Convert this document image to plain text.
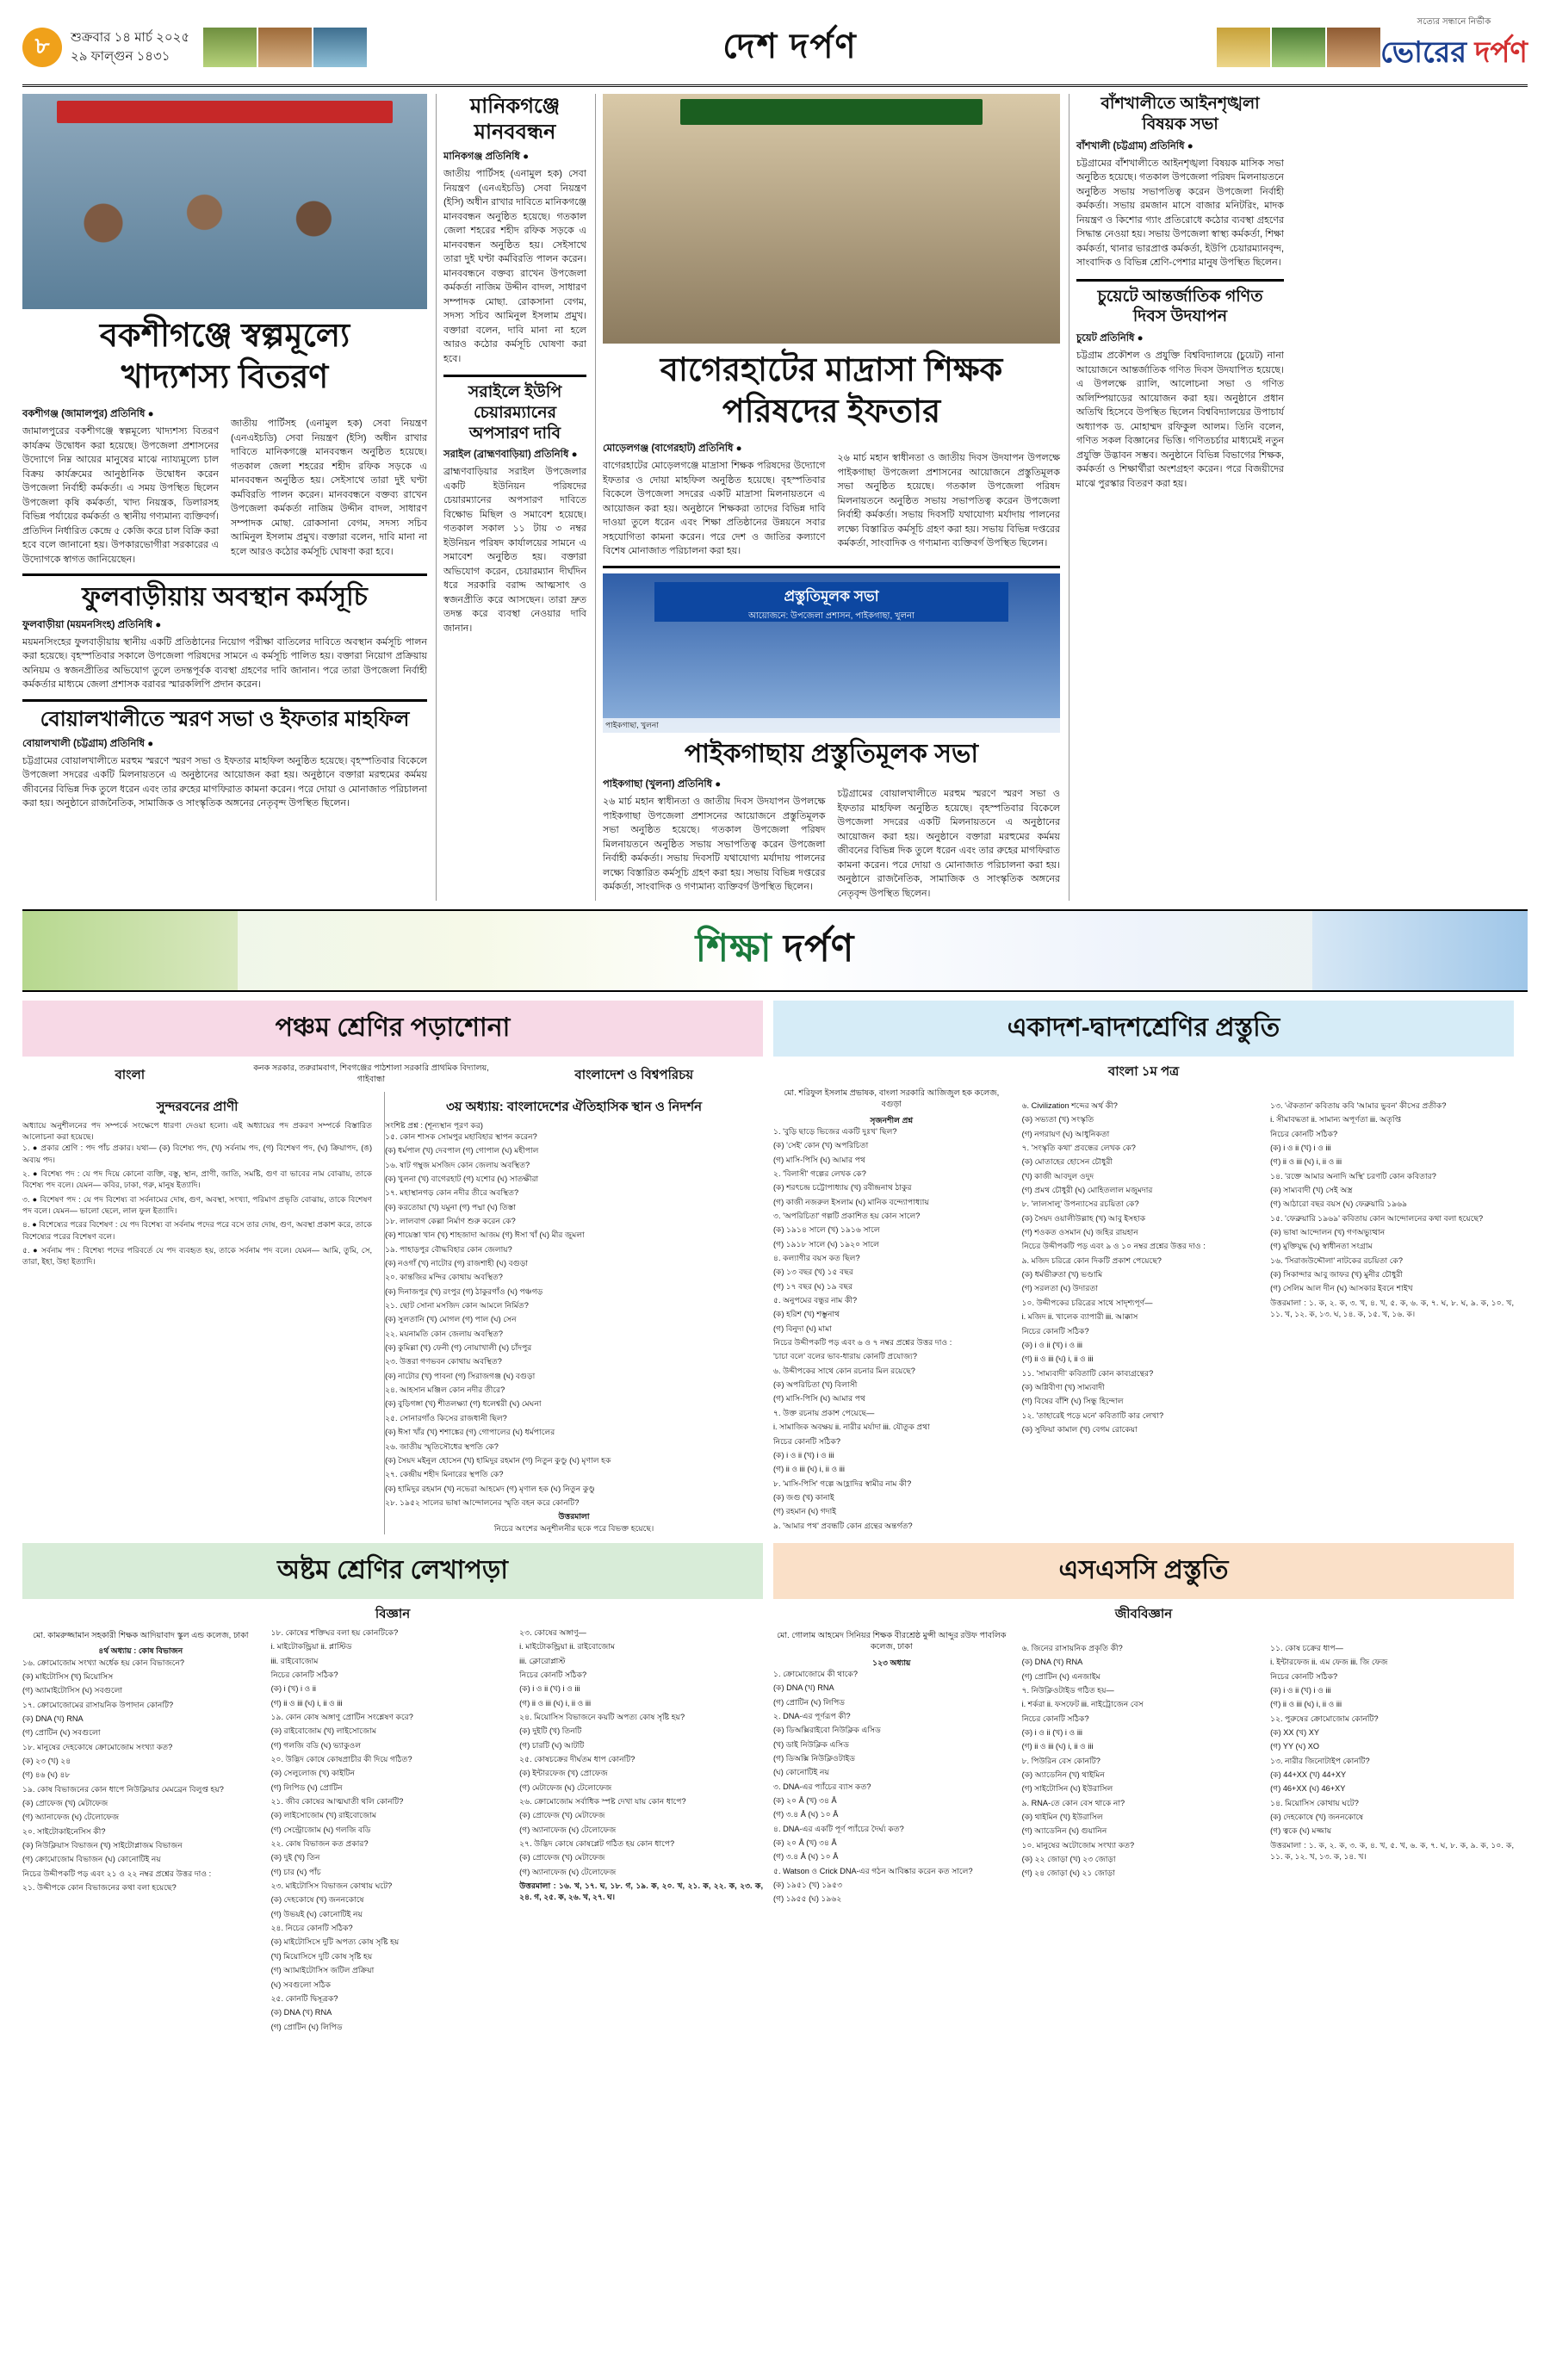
৮	শুক্রবার ১৪ মার্চ ২০২৫
২৯ ফাল্গুন ১৪৩১	দেশ দর্পণ
সত্যের সন্ধানে নির্ভীক
ভোরের দর্পণ
বকশীগঞ্জে স্বল্পমূল্যে
খাদ্যশস্য বিতরণ
বকশীগঞ্জ (জামালপুর) প্রতিনিধি ●
জামালপুরের বকশীগঞ্জে স্বল্পমূল্যে খাদ্যশস্য বিতরণ কার্যক্রম উদ্বোধন করা হয়েছে। উপজেলা প্রশাসনের উদ্যোগে নিম্ন আয়ের মানুষের মাঝে ন্যায্যমূল্যে চাল বিক্রয় কার্যক্রমের আনুষ্ঠানিক উদ্বোধন করেন উপজেলা নির্বাহী কর্মকর্তা। এ সময় উপস্থিত ছিলেন উপজেলা কৃষি কর্মকর্তা, খাদ্য নিয়ন্ত্রক, ডিলারসহ বিভিন্ন পর্যায়ের কর্মকর্তা ও স্থানীয় গণ্যমান্য ব্যক্তিবর্গ। প্রতিদিন নির্ধারিত কেন্দ্রে ৫ কেজি করে চাল বিক্রি করা হবে বলে জানানো হয়। উপকারভোগীরা সরকারের এ উদ্যোগকে স্বাগত জানিয়েছেন।
জাতীয় পার্টিসহ (এনামুল হক) সেবা নিয়ন্ত্রণ (এনএইচডি) সেবা নিয়ন্ত্রণ (ইসি) অধীন রাখার দাবিতে মানিকগঞ্জে মানববন্ধন অনুষ্ঠিত হয়েছে। গতকাল জেলা শহরের শহীদ রফিক সড়কে এ মানববন্ধন অনুষ্ঠিত হয়। সেইসাথে তারা দুই ঘণ্টা কর্মবিরতি পালন করেন। মানববন্ধনে বক্তব্য রাখেন উপজেলা কর্মকর্তা নাজিম উদ্দীন বাদল, সাধারণ সম্পাদক মোছা. রোকসানা বেগম, সদস্য সচিব আমিনুল ইসলাম প্রমুখ। বক্তারা বলেন, দাবি মানা না হলে আরও কঠোর কর্মসূচি ঘোষণা করা হবে।
ফুলবাড়ীয়ায় অবস্থান কর্মসূচি
ফুলবাড়ীয়া (ময়মনসিংহ) প্রতিনিধি ●
ময়মনসিংহের ফুলবাড়ীয়ায় স্থানীয় একটি প্রতিষ্ঠানের নিয়োগ পরীক্ষা বাতিলের দাবিতে অবস্থান কর্মসূচি পালন করা হয়েছে। বৃহস্পতিবার সকালে উপজেলা পরিষদের সামনে এ কর্মসূচি পালিত হয়। বক্তারা নিয়োগ প্রক্রিয়ায় অনিয়ম ও স্বজনপ্রীতির অভিযোগ তুলে তদন্তপূর্বক ব্যবস্থা গ্রহণের দাবি জানান। পরে তারা উপজেলা নির্বাহী কর্মকর্তার মাধ্যমে জেলা প্রশাসক বরাবর স্মারকলিপি প্রদান করেন।
বোয়ালখালীতে স্মরণ সভা ও ইফতার মাহফিল
বোয়ালখালী (চট্টগ্রাম) প্রতিনিধি ●
চট্টগ্রামের বোয়ালখালীতে মরহুম স্মরণে স্মরণ সভা ও ইফতার মাহফিল অনুষ্ঠিত হয়েছে। বৃহস্পতিবার বিকেলে উপজেলা সদরের একটি মিলনায়তনে এ অনুষ্ঠানের আয়োজন করা হয়। অনুষ্ঠানে বক্তারা মরহুমের কর্মময় জীবনের বিভিন্ন দিক তুলে ধরেন এবং তার রুহের মাগফিরাত কামনা করেন। পরে দোয়া ও মোনাজাত পরিচালনা করা হয়। অনুষ্ঠানে রাজনৈতিক, সামাজিক ও সাংস্কৃতিক অঙ্গনের নেতৃবৃন্দ উপস্থিত ছিলেন।
মানিকগঞ্জে
মানববন্ধন
মানিকগঞ্জ প্রতিনিধি ●
জাতীয় পার্টিসহ (এনামুল হক) সেবা নিয়ন্ত্রণ (এনএইচডি) সেবা নিয়ন্ত্রণ (ইসি) অধীন রাখার দাবিতে মানিকগঞ্জে মানববন্ধন অনুষ্ঠিত হয়েছে। গতকাল জেলা শহরের শহীদ রফিক সড়কে এ মানববন্ধন অনুষ্ঠিত হয়। সেইসাথে তারা দুই ঘণ্টা কর্মবিরতি পালন করেন। মানববন্ধনে বক্তব্য রাখেন উপজেলা কর্মকর্তা নাজিম উদ্দীন বাদল, সাধারণ সম্পাদক মোছা. রোকসানা বেগম, সদস্য সচিব আমিনুল ইসলাম প্রমুখ। বক্তারা বলেন, দাবি মানা না হলে আরও কঠোর কর্মসূচি ঘোষণা করা হবে।
সরাইলে ইউপি
চেয়ারম্যানের
অপসারণ দাবি
সরাইল (ব্রাহ্মণবাড়িয়া) প্রতিনিধি ●
ব্রাহ্মণবাড়িয়ার সরাইল উপজেলার একটি ইউনিয়ন পরিষদের চেয়ারম্যানের অপসারণ দাবিতে বিক্ষোভ মিছিল ও সমাবেশ হয়েছে। গতকাল সকাল ১১ টায় ৩ নম্বর ইউনিয়ন পরিষদ কার্যালয়ের সামনে এ সমাবেশ অনুষ্ঠিত হয়। বক্তারা অভিযোগ করেন, চেয়ারম্যান দীর্ঘদিন ধরে সরকারি বরাদ্দ আত্মসাৎ ও স্বজনপ্রীতি করে আসছেন। তারা দ্রুত তদন্ত করে ব্যবস্থা নেওয়ার দাবি জানান।
বাগেরহাটের মাদ্রাসা শিক্ষক
পরিষদের ইফতার
মোড়েলগঞ্জ (বাগেরহাট) প্রতিনিধি ●
বাগেরহাটের মোড়েলগঞ্জে মাদ্রাসা শিক্ষক পরিষদের উদ্যোগে ইফতার ও দোয়া মাহফিল অনুষ্ঠিত হয়েছে। বৃহস্পতিবার বিকেলে উপজেলা সদরের একটি মাদ্রাসা মিলনায়তনে এ আয়োজন করা হয়। অনুষ্ঠানে শিক্ষকরা তাদের বিভিন্ন দাবি দাওয়া তুলে ধরেন এবং শিক্ষা প্রতিষ্ঠানের উন্নয়নে সবার সহযোগিতা কামনা করেন। পরে দেশ ও জাতির কল্যাণে বিশেষ মোনাজাত পরিচালনা করা হয়।
২৬ মার্চ মহান স্বাধীনতা ও জাতীয় দিবস উদযাপন উপলক্ষে পাইকগাছা উপজেলা প্রশাসনের আয়োজনে প্রস্তুতিমূলক সভা অনুষ্ঠিত হয়েছে। গতকাল উপজেলা পরিষদ মিলনায়তনে অনুষ্ঠিত সভায় সভাপতিত্ব করেন উপজেলা নির্বাহী কর্মকর্তা। সভায় দিবসটি যথাযোগ্য মর্যাদায় পালনের লক্ষ্যে বিস্তারিত কর্মসূচি গ্রহণ করা হয়। সভায় বিভিন্ন দপ্তরের কর্মকর্তা, সাংবাদিক ও গণ্যমান্য ব্যক্তিবর্গ উপস্থিত ছিলেন।
প্রস্তুতিমূলক সভা
আয়োজনে: উপজেলা প্রশাসন, পাইকগাছা, খুলনা
পাইকগাছা, খুলনা
পাইকগাছায় প্রস্তুতিমূলক সভা
পাইকগাছা (খুলনা) প্রতিনিধি ●
২৬ মার্চ মহান স্বাধীনতা ও জাতীয় দিবস উদযাপন উপলক্ষে পাইকগাছা উপজেলা প্রশাসনের আয়োজনে প্রস্তুতিমূলক সভা অনুষ্ঠিত হয়েছে। গতকাল উপজেলা পরিষদ মিলনায়তনে অনুষ্ঠিত সভায় সভাপতিত্ব করেন উপজেলা নির্বাহী কর্মকর্তা। সভায় দিবসটি যথাযোগ্য মর্যাদায় পালনের লক্ষ্যে বিস্তারিত কর্মসূচি গ্রহণ করা হয়। সভায় বিভিন্ন দপ্তরের কর্মকর্তা, সাংবাদিক ও গণ্যমান্য ব্যক্তিবর্গ উপস্থিত ছিলেন।
চট্টগ্রামের বোয়ালখালীতে মরহুম স্মরণে স্মরণ সভা ও ইফতার মাহফিল অনুষ্ঠিত হয়েছে। বৃহস্পতিবার বিকেলে উপজেলা সদরের একটি মিলনায়তনে এ অনুষ্ঠানের আয়োজন করা হয়। অনুষ্ঠানে বক্তারা মরহুমের কর্মময় জীবনের বিভিন্ন দিক তুলে ধরেন এবং তার রুহের মাগফিরাত কামনা করেন। পরে দোয়া ও মোনাজাত পরিচালনা করা হয়। অনুষ্ঠানে রাজনৈতিক, সামাজিক ও সাংস্কৃতিক অঙ্গনের নেতৃবৃন্দ উপস্থিত ছিলেন।
বাঁশখালীতে আইনশৃঙ্খলা
বিষয়ক সভা
বাঁশখালী (চট্টগ্রাম) প্রতিনিধি ●
চট্টগ্রামের বাঁশখালীতে আইনশৃঙ্খলা বিষয়ক মাসিক সভা অনুষ্ঠিত হয়েছে। গতকাল উপজেলা পরিষদ মিলনায়তনে অনুষ্ঠিত সভায় সভাপতিত্ব করেন উপজেলা নির্বাহী কর্মকর্তা। সভায় রমজান মাসে বাজার মনিটরিং, মাদক নিয়ন্ত্রণ ও কিশোর গ্যাং প্রতিরোধে কঠোর ব্যবস্থা গ্রহণের সিদ্ধান্ত নেওয়া হয়। সভায় উপজেলা স্বাস্থ্য কর্মকর্তা, শিক্ষা কর্মকর্তা, থানার ভারপ্রাপ্ত কর্মকর্তা, ইউপি চেয়ারম্যানবৃন্দ, সাংবাদিক ও বিভিন্ন শ্রেণি-পেশার মানুষ উপস্থিত ছিলেন।
চুয়েটে আন্তর্জাতিক গণিত
দিবস উদযাপন
চুয়েট প্রতিনিধি ●
চট্টগ্রাম প্রকৌশল ও প্রযুক্তি বিশ্ববিদ্যালয়ে (চুয়েট) নানা আয়োজনে আন্তর্জাতিক গণিত দিবস উদযাপিত হয়েছে। এ উপলক্ষে র‍্যালি, আলোচনা সভা ও গণিত অলিম্পিয়াডের আয়োজন করা হয়। অনুষ্ঠানে প্রধান অতিথি হিসেবে উপস্থিত ছিলেন বিশ্ববিদ্যালয়ের উপাচার্য অধ্যাপক ড. মোহাম্মদ রফিকুল আলম। তিনি বলেন, গণিত সকল বিজ্ঞানের ভিত্তি। গণিতচর্চার মাধ্যমেই নতুন প্রযুক্তি উদ্ভাবন সম্ভব। অনুষ্ঠানে বিভিন্ন বিভাগের শিক্ষক, কর্মকর্তা ও শিক্ষার্থীরা অংশগ্রহণ করেন। পরে বিজয়ীদের মাঝে পুরস্কার বিতরণ করা হয়।
শিক্ষা দর্পণ
পঞ্চম শ্রেণির পড়াশোনা
বাংলা	কনক সরকার, তরুরামবাগ, শিবগঞ্জের পাঠশালা সরকারি প্রাথমিক বিদ্যালয়, গাইবান্ধা	বাংলাদেশ ও বিশ্বপরিচয়
সুন্দরবনের প্রাণী
অধ্যায়ে অনুশীলনের পদ সম্পর্কে সংক্ষেপে ধারণা দেওয়া হলো। এই অধ্যায়ের পদ প্রকরণ সম্পর্কে বিস্তারিত আলোচনা করা হয়েছে।
১. ● প্রকার শ্রেণি : পদ পাঁচ প্রকার। যথা— (ক) বিশেষ্য পদ, (খ) সর্বনাম পদ, (গ) বিশেষণ পদ, (ঘ) ক্রিয়াপদ, (ঙ) অব্যয় পদ।
২. ● বিশেষ্য পদ : যে পদ দিয়ে কোনো ব্যক্তি, বস্তু, স্থান, প্রাণী, জাতি, সমষ্টি, গুণ বা ভাবের নাম বোঝায়, তাকে বিশেষ্য পদ বলে। যেমন— কবির, ঢাকা, গরু, মানুষ ইত্যাদি।
৩. ● বিশেষণ পদ : যে পদ বিশেষ্য বা সর্বনামের দোষ, গুণ, অবস্থা, সংখ্যা, পরিমাণ প্রভৃতি বোঝায়, তাকে বিশেষণ পদ বলে। যেমন— ভালো ছেলে, লাল ফুল ইত্যাদি।
৪. ● বিশেষ্যের পরের বিশেষণ : যে পদ বিশেষ্য বা সর্বনাম পদের পরে বসে তার দোষ, গুণ, অবস্থা প্রকাশ করে, তাকে বিশেষ্যের পরের বিশেষণ বলে।
৫. ● সর্বনাম পদ : বিশেষ্য পদের পরিবর্তে যে পদ ব্যবহৃত হয়, তাকে সর্বনাম পদ বলে। যেমন— আমি, তুমি, সে, তারা, ইহা, উহা ইত্যাদি।
৩য় অধ্যায়: বাংলাদেশের ঐতিহাসিক স্থান ও নিদর্শন
সংশিষ্ট প্রশ্ন : (শূন্যস্থান পূরণ কর)
১৫. কোন শাসক সোমপুর মহাবিহার স্থাপন করেন?
(ক) ধর্মপাল (খ) দেবপাল (গ) গোপাল (ঘ) মহীপাল
১৬. ষাট গম্বুজ মসজিদ কোন জেলায় অবস্থিত?
(ক) খুলনা (খ) বাগেরহাট (গ) যশোর (ঘ) সাতক্ষীরা
১৭. মহাস্থানগড় কোন নদীর তীরে অবস্থিত?
(ক) করতোয়া (খ) যমুনা (গ) পদ্মা (ঘ) তিস্তা
১৮. লালবাগ কেল্লা নির্মাণ শুরু করেন কে?
(ক) শায়েস্তা খান (খ) শাহজাদা আজম (গ) ঈসা খাঁ (ঘ) মীর জুমলা
১৯. পাহাড়পুর বৌদ্ধবিহার কোন জেলায়?
(ক) নওগাঁ (খ) নাটোর (গ) রাজশাহী (ঘ) বগুড়া
২০. কান্তজির মন্দির কোথায় অবস্থিত?
(ক) দিনাজপুর (খ) রংপুর (গ) ঠাকুরগাঁও (ঘ) পঞ্চগড়
২১. ছোট সোনা মসজিদ কোন আমলে নির্মিত?
(ক) সুলতানি (খ) মোগল (গ) পাল (ঘ) সেন
২২. ময়নামতি কোন জেলায় অবস্থিত?
(ক) কুমিল্লা (খ) ফেনী (গ) নোয়াখালী (ঘ) চাঁদপুর
২৩. উত্তরা গণভবন কোথায় অবস্থিত?
(ক) নাটোর (খ) পাবনা (গ) সিরাজগঞ্জ (ঘ) বগুড়া
২৪. আহসান মঞ্জিল কোন নদীর তীরে?
(ক) বুড়িগঙ্গা (খ) শীতলক্ষ্যা (গ) ধলেশ্বরী (ঘ) মেঘনা
২৫. সোনারগাঁও কিসের রাজধানী ছিল?
(ক) ঈসা খাঁর (খ) শশাঙ্কের (গ) গোপালের (ঘ) ধর্মপালের
২৬. জাতীয় স্মৃতিসৌধের স্থপতি কে?
(ক) সৈয়দ মইনুল হোসেন (খ) হামিদুর রহমান (গ) নিতুন কুণ্ডু (ঘ) মৃণাল হক
২৭. কেন্দ্রীয় শহীদ মিনারের স্থপতি কে?
(ক) হামিদুর রহমান (খ) নভেরা আহমেদ (গ) মৃণাল হক (ঘ) নিতুন কুণ্ডু
২৮. ১৯৫২ সালের ভাষা আন্দোলনের স্মৃতি বহন করে কোনটি?
উত্তরমালা
নিচের অংশের অনুশীলনীর ছকে পরে বিভক্ত হয়েছে।
অষ্টম শ্রেণির লেখাপড়া
বিজ্ঞান
মো. কামরুজ্জামান সহকারী শিক্ষক আদিয়াবাদ স্কুল এন্ড কলেজ, ঢাকা
৪র্থ অধ্যায় : কোষ বিভাজন
১৬. ক্রোমোজোম সংখ্যা অর্ধেক হয় কোন বিভাজনে?
(ক) মাইটোসিস (খ) মিয়োসিস
(গ) অ্যামাইটোসিস (ঘ) সবগুলো
১৭. ক্রোমোজোমের রাসায়নিক উপাদান কোনটি?
(ক) DNA (খ) RNA
(গ) প্রোটিন (ঘ) সবগুলো
১৮. মানুষের দেহকোষে ক্রোমোজোম সংখ্যা কত?
(ক) ২৩ (খ) ২৪
(গ) ৪৬ (ঘ) ৪৮
১৯. কোষ বিভাজনের কোন ধাপে নিউক্লিয়ার মেমব্রেন বিলুপ্ত হয়?
(ক) প্রোফেজ (খ) মেটাফেজ
(গ) অ্যানাফেজ (ঘ) টেলোফেজ
২০. সাইটোকাইনেসিস কী?
(ক) নিউক্লিয়াস বিভাজন (খ) সাইটোপ্লাজম বিভাজন
(গ) ক্রোমোজোম বিভাজন (ঘ) কোনোটিই নয়
নিচের উদ্দীপকটি পড় এবং ২১ ও ২২ নম্বর প্রশ্নের উত্তর দাও :
২১. উদ্দীপকে কোন বিভাজনের কথা বলা হয়েছে?
১৮. কোষের শক্তিঘর বলা হয় কোনটিকে?
i. মাইটোকন্ড্রিয়া ii. প্লাস্টিড
iii. রাইবোজোম
নিচের কোনটি সঠিক?
(ক) i (খ) i ও ii
(গ) ii ও iii (ঘ) i, ii ও iii
১৯. কোন কোষ অঙ্গাণু প্রোটিন সংশ্লেষণ করে?
(ক) রাইবোজোম (খ) লাইসোজোম
(গ) গলজি বডি (ঘ) ভ্যাকুওল
২০. উদ্ভিদ কোষে কোষপ্রাচীর কী দিয়ে গঠিত?
(ক) সেলুলোজ (খ) কাইটিন
(গ) লিপিড (ঘ) প্রোটিন
২১. জীব কোষের আত্মঘাতী থলি কোনটি?
(ক) লাইসোজোম (খ) রাইবোজোম
(গ) সেন্ট্রোজোম (ঘ) গলজি বডি
২২. কোষ বিভাজন কত প্রকার?
(ক) দুই (খ) তিন
(গ) চার (ঘ) পাঁচ
২৩. মাইটোসিস বিভাজন কোথায় ঘটে?
(ক) দেহকোষে (খ) জননকোষে
(গ) উভয়ই (ঘ) কোনোটিই নয়
২৪. নিচের কোনটি সঠিক?
(ক) মাইটোসিসে দুটি অপত্য কোষ সৃষ্টি হয়
(খ) মিয়োসিসে দুটি কোষ সৃষ্টি হয়
(গ) অ্যামাইটোসিস জটিল প্রক্রিয়া
(ঘ) সবগুলো সঠিক
২৫. কোনটি দ্বিসূত্রক?
(ক) DNA (খ) RNA
(গ) প্রোটিন (ঘ) লিপিড
২৩. কোষের অঙ্গাণু—
i. মাইটোকন্ড্রিয়া ii. রাইবোজোম
iii. ক্লোরোপ্লাস্ট
নিচের কোনটি সঠিক?
(ক) i ও ii (খ) i ও iii
(গ) ii ও iii (ঘ) i, ii ও iii
২৪. মিয়োসিস বিভাজনে কয়টি অপত্য কোষ সৃষ্টি হয়?
(ক) দুইটি (খ) তিনটি
(গ) চারটি (ঘ) আটটি
২৫. কোষচক্রের দীর্ঘতম ধাপ কোনটি?
(ক) ইন্টারফেজ (খ) প্রোফেজ
(গ) মেটাফেজ (ঘ) টেলোফেজ
২৬. ক্রোমোজোম সর্বাধিক স্পষ্ট দেখা যায় কোন ধাপে?
(ক) প্রোফেজ (খ) মেটাফেজ
(গ) অ্যানাফেজ (ঘ) টেলোফেজ
২৭. উদ্ভিদ কোষে কোষপ্লেট গঠিত হয় কোন ধাপে?
(ক) প্রোফেজ (খ) মেটাফেজ
(গ) অ্যানাফেজ (ঘ) টেলোফেজ
উত্তরমালা : ১৬. খ, ১৭. ঘ, ১৮. গ, ১৯. ক, ২০. খ, ২১. ক, ২২. ক, ২৩. ক, ২৪. গ, ২৫. ক, ২৬. খ, ২৭. ঘ।
একাদশ-দ্বাদশশ্রেণির প্রস্তুতি
বাংলা ১ম পত্র
মো. শরিফুল ইসলাম প্রভাষক, বাংলা সরকারি আজিজুল হক কলেজ, বগুড়া
সৃজনশীল প্রশ্ন
১. 'বুড়ি ছাড়ে ভিজের একটি দুঃখ' ছিল?
(ক) 'সেই' কোন (খ) অপরিচিতা
(গ) মাসি-পিসি (ঘ) আমার পথ
২. 'বিলাসী' গল্পের লেখক কে?
(ক) শরৎচন্দ্র চট্টোপাধ্যায় (খ) রবীন্দ্রনাথ ঠাকুর
(গ) কাজী নজরুল ইসলাম (ঘ) মানিক বন্দ্যোপাধ্যায়
৩. 'অপরিচিতা' গল্পটি প্রকাশিত হয় কোন সালে?
(ক) ১৯১৪ সালে (খ) ১৯১৬ সালে
(গ) ১৯১৮ সালে (ঘ) ১৯২০ সালে
৪. কল্যাণীর বয়স কত ছিল?
(ক) ১৩ বছর (খ) ১৫ বছর
(গ) ১৭ বছর (ঘ) ১৯ বছর
৫. অনুপমের বন্ধুর নাম কী?
(ক) হরিশ (খ) শম্ভুনাথ
(গ) বিনুদা (ঘ) মামা
নিচের উদ্দীপকটি পড় এবং ৬ ও ৭ নম্বর প্রশ্নের উত্তর দাও :
'চাচা বলে' বলের ভাব-ধারায় কোনটি প্রযোজ্য?
৬. উদ্দীপকের সাথে কোন রচনার মিল রয়েছে?
(ক) অপরিচিতা (খ) বিলাসী
(গ) মাসি-পিসি (ঘ) আমার পথ
৭. উক্ত রচনায় প্রকাশ পেয়েছে—
i. সামাজিক অবক্ষয় ii. নারীর মর্যাদা iii. যৌতুক প্রথা
নিচের কোনটি সঠিক?
(ক) i ও ii (খ) i ও iii
(গ) ii ও iii (ঘ) i, ii ও iii
৮. 'মাসি-পিসি' গল্পে আহ্লাদির স্বামীর নাম কী?
(ক) জগু (খ) কানাই
(গ) রহমান (ঘ) গদাই
৯. 'আমার পথ' প্রবন্ধটি কোন গ্রন্থের অন্তর্গত?
৬. Civilization শব্দের অর্থ কী?
(ক) সভ্যতা (খ) সংস্কৃতি
(গ) নগরায়ণ (ঘ) আধুনিকতা
৭. 'সংস্কৃতি কথা' প্রবন্ধের লেখক কে?
(ক) মোতাহের হোসেন চৌধুরী
(খ) কাজী আবদুল ওদুদ
(গ) প্রমথ চৌধুরী (ঘ) মোহিতলাল মজুমদার
৮. 'লালসালু' উপন্যাসের রচয়িতা কে?
(ক) সৈয়দ ওয়ালীউল্লাহ (খ) আবু ইসহাক
(গ) শওকত ওসমান (ঘ) জহির রায়হান
নিচের উদ্দীপকটি পড় এবং ৯ ও ১০ নম্বর প্রশ্নের উত্তর দাও :
৯. মজিদ চরিত্রে কোন দিকটি প্রকাশ পেয়েছে?
(ক) ধর্মভীরুতা (খ) ভণ্ডামি
(গ) সরলতা (ঘ) উদারতা
১০. উদ্দীপকের চরিত্রের সাথে সাদৃশ্যপূর্ণ—
i. মজিদ ii. খালেক ব্যাপারী iii. আক্কাস
নিচের কোনটি সঠিক?
(ক) i ও ii (খ) i ও iii
(গ) ii ও iii (ঘ) i, ii ও iii
১১. 'সাম্যবাদী' কবিতাটি কোন কাব্যগ্রন্থের?
(ক) অগ্নিবীণা (খ) সাম্যবাদী
(গ) বিষের বাঁশি (ঘ) সিন্ধু হিন্দোল
১২. 'তাহারেই পড়ে মনে' কবিতাটি কার লেখা?
(ক) সুফিয়া কামাল (খ) বেগম রোকেয়া
১৩. 'ঐকতান' কবিতায় কবি 'আমার ভুবন' কীসের প্রতীক?
i. সীমাবদ্ধতা ii. সামান্য অপূর্ণতা iii. অতৃপ্তি
নিচের কোনটি সঠিক?
(ক) i ও ii (খ) i ও iii
(গ) ii ও iii (ঘ) i, ii ও iii
১৪. 'রক্তে আমার অনাদি অস্থি' চরণটি কোন কবিতার?
(ক) সাম্যবাদী (খ) সেই অস্ত্র
(গ) আঠারো বছর বয়স (ঘ) ফেব্রুয়ারি ১৯৬৯
১৫. 'ফেব্রুয়ারি ১৯৬৯' কবিতায় কোন আন্দোলনের কথা বলা হয়েছে?
(ক) ভাষা আন্দোলন (খ) গণঅভ্যুত্থান
(গ) মুক্তিযুদ্ধ (ঘ) স্বাধীনতা সংগ্রাম
১৬. 'সিরাজউদ্দৌলা' নাটকের রচয়িতা কে?
(ক) সিকান্দার আবু জাফর (খ) মুনীর চৌধুরী
(গ) সেলিম আল দীন (ঘ) আসকার ইবনে শাইখ
উত্তরমালা : ১. ক, ২. ক, ৩. খ, ৪. খ, ৫. ক, ৬. ক, ৭. ঘ, ৮. ঘ, ৯. ক, ১০. খ, ১১. খ, ১২. ক, ১৩. ঘ, ১৪. ক, ১৫. খ, ১৬. ক।
এসএসসি প্রস্তুতি
জীববিজ্ঞান
মো. গোলাম আহমেদ সিনিয়র শিক্ষক বীরশ্রেষ্ঠ মুন্সী আব্দুর রউফ পাবলিক কলেজ, ঢাকা
১২৩ অধ্যায়
১. ক্রোমোজোমে কী থাকে?
(ক) DNA (খ) RNA
(গ) প্রোটিন (ঘ) লিপিড
২. DNA-এর পূর্ণরূপ কী?
(ক) ডিঅক্সিরাইবো নিউক্লিক এসিড
(খ) ডাই নিউক্লিক এসিড
(গ) ডিঅক্সি নিউক্লিওটাইড
(ঘ) কোনোটিই নয়
৩. DNA-এর প্যাঁচের ব্যাস কত?
(ক) ২০ Å (খ) ৩৪ Å
(গ) ৩.৪ Å (ঘ) ১০ Å
৪. DNA-এর একটি পূর্ণ প্যাঁচের দৈর্ঘ্য কত?
(ক) ২০ Å (খ) ৩৪ Å
(গ) ৩.৪ Å (ঘ) ১০ Å
৫. Watson ও Crick DNA-এর গঠন আবিষ্কার করেন কত সালে?
(ক) ১৯৫১ (খ) ১৯৫৩
(গ) ১৯৫৫ (ঘ) ১৯৬২
৬. জিনের রাসায়নিক প্রকৃতি কী?
(ক) DNA (খ) RNA
(গ) প্রোটিন (ঘ) এনজাইম
৭. নিউক্লিওটাইড গঠিত হয়—
i. শর্করা ii. ফসফেট iii. নাইট্রোজেন বেস
নিচের কোনটি সঠিক?
(ক) i ও ii (খ) i ও iii
(গ) ii ও iii (ঘ) i, ii ও iii
৮. পিউরিন বেস কোনটি?
(ক) অ্যাডেনিন (খ) থাইমিন
(গ) সাইটোসিন (ঘ) ইউরাসিল
৯. RNA-তে কোন বেস থাকে না?
(ক) থাইমিন (খ) ইউরাসিল
(গ) অ্যাডেনিন (ঘ) গুয়ানিন
১০. মানুষের অটোজোম সংখ্যা কত?
(ক) ২২ জোড়া (খ) ২৩ জোড়া
(গ) ২৪ জোড়া (ঘ) ২১ জোড়া
১১. কোষ চক্রের ধাপ—
i. ইন্টারফেজ ii. এম ফেজ iii. জি ফেজ
নিচের কোনটি সঠিক?
(ক) i ও ii (খ) i ও iii
(গ) ii ও iii (ঘ) i, ii ও iii
১২. পুরুষের ক্রোমোজোম কোনটি?
(ক) XX (খ) XY
(গ) YY (ঘ) XO
১৩. নারীর জিনোটাইপ কোনটি?
(ক) 44+XX (খ) 44+XY
(গ) 46+XX (ঘ) 46+XY
১৪. মিয়োসিস কোথায় ঘটে?
(ক) দেহকোষে (খ) জননকোষে
(গ) ত্বকে (ঘ) মজ্জায়
উত্তরমালা : ১. ক, ২. ক, ৩. ক, ৪. খ, ৫. খ, ৬. ক, ৭. ঘ, ৮. ক, ৯. ক, ১০. ক, ১১. ক, ১২. খ, ১৩. ক, ১৪. খ।
